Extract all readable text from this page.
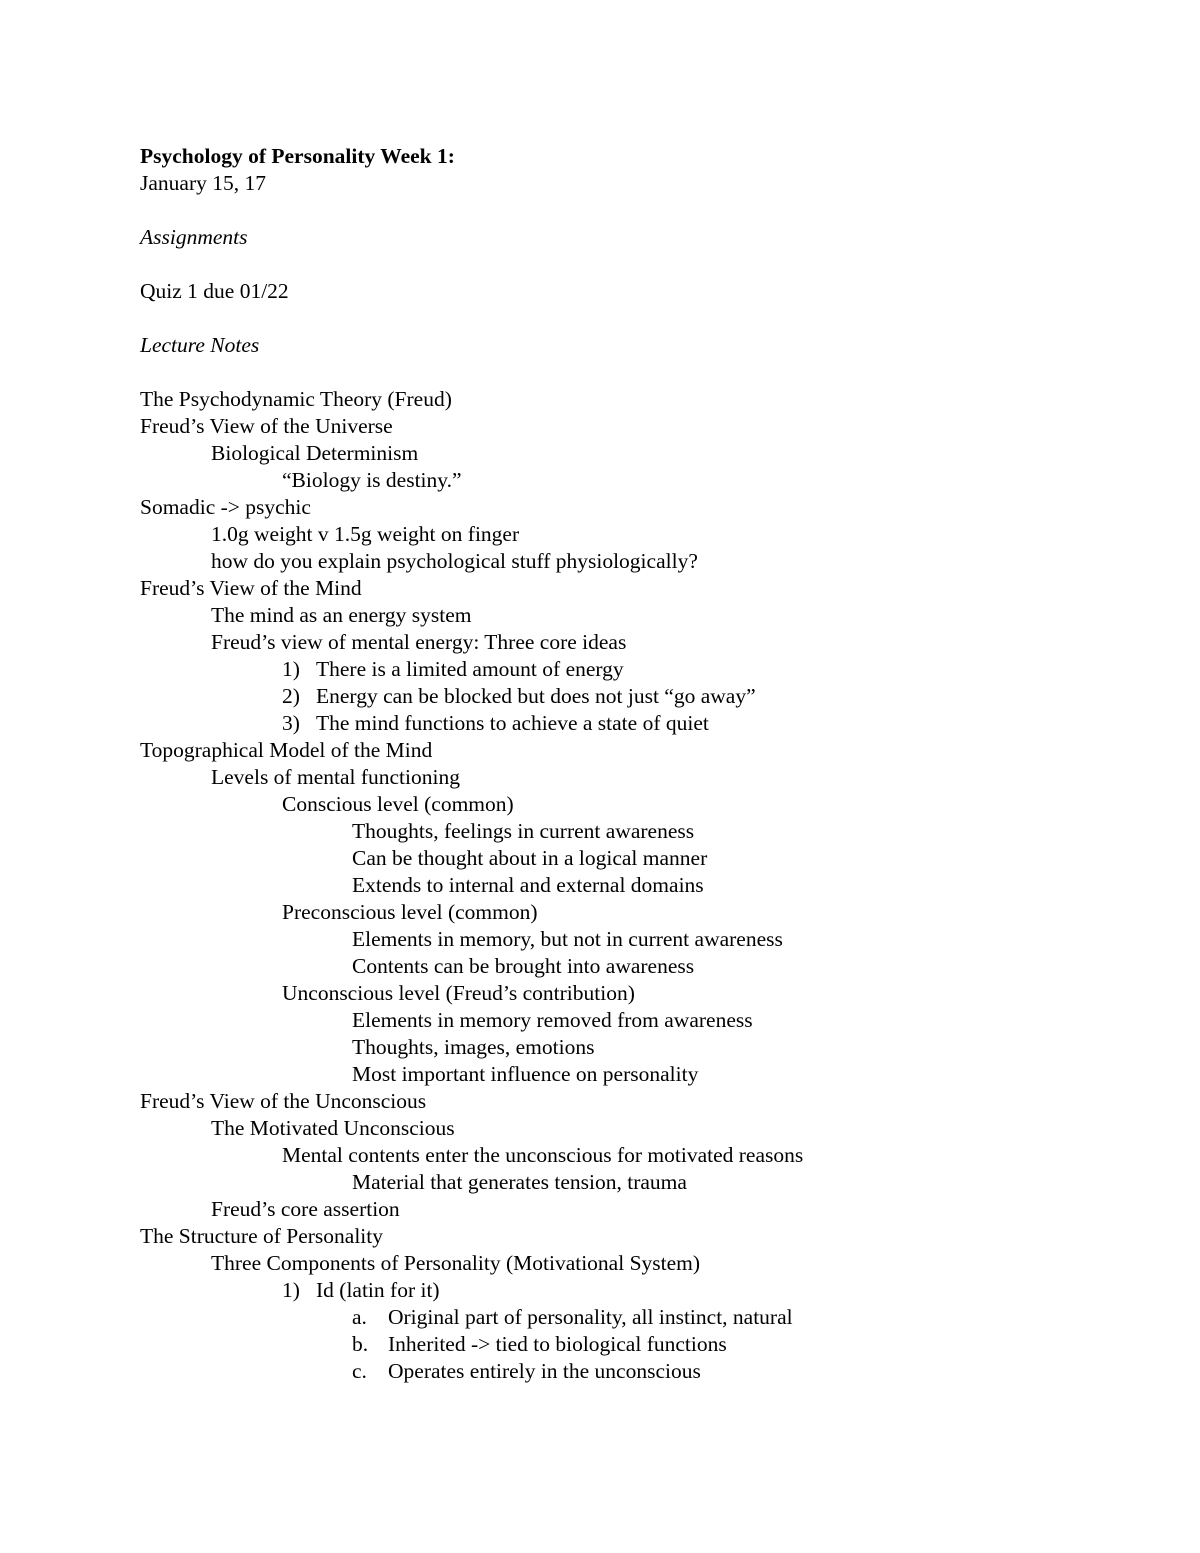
Psychology of Personality Week 1:
January 15, 17
Assignments
Quiz 1 due 01/22
Lecture Notes
The Psychodynamic Theory (Freud)
Freud’s View of the Universe
Biological Determinism
“Biology is destiny.”
Somadic -> psychic
1.0g weight v 1.5g weight on finger
how do you explain psychological stuff physiologically?
Freud’s View of the Mind
The mind as an energy system
Freud’s view of mental energy: Three core ideas
1) There is a limited amount of energy
2) Energy can be blocked but does not just “go away”
3) The mind functions to achieve a state of quiet
Topographical Model of the Mind
Levels of mental functioning
Conscious level (common)
Thoughts, feelings in current awareness
Can be thought about in a logical manner
Extends to internal and external domains
Preconscious level (common)
Elements in memory, but not in current awareness
Contents can be brought into awareness
Unconscious level (Freud’s contribution)
Elements in memory removed from awareness
Thoughts, images, emotions
Most important influence on personality
Freud’s View of the Unconscious
The Motivated Unconscious
Mental contents enter the unconscious for motivated reasons
Material that generates tension, trauma
Freud’s core assertion
The Structure of Personality
Three Components of Personality (Motivational System)
1) Id (latin for it)
a. Original part of personality, all instinct, natural
b. Inherited -> tied to biological functions
c. Operates entirely in the unconscious
